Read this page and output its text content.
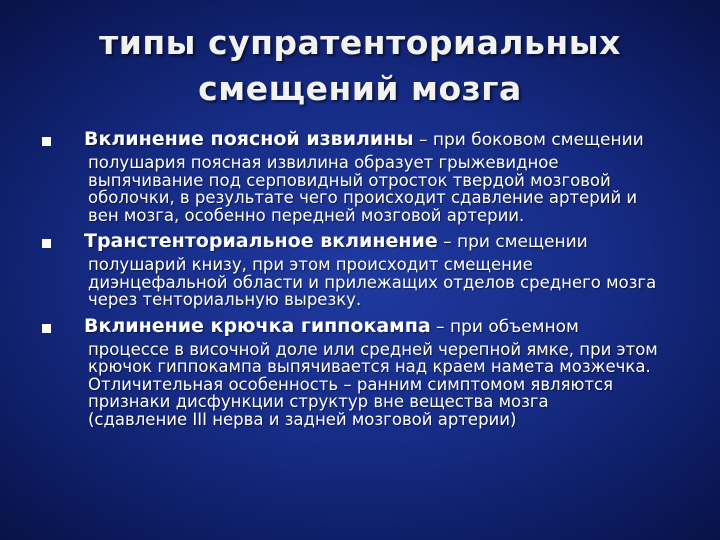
типы супратенториальных
смещений мозга
Вклинение поясной извилины – при боковом смещении
полушария поясная извилина образует грыжевидное
выпячивание под серповидный отросток твердой мозговой
оболочки, в результате чего происходит сдавление артерий и
вен мозга, особенно передней мозговой артерии.
Транстенториальное вклинение – при смещении
полушарий книзу, при этом происходит смещение
диэнцефальной области и прилежащих отделов среднего мозга
через тенториальную вырезку.
Вклинение крючка гиппокампа – при объемном
процессе в височной доле или средней черепной ямке, при этом
крючок гиппокампа выпячивается над краем намета мозжечка.
Отличительная особенность – ранним симптомом являются
признаки дисфункции структур вне вещества мозга
(сдавление III нерва и задней мозговой артерии)
